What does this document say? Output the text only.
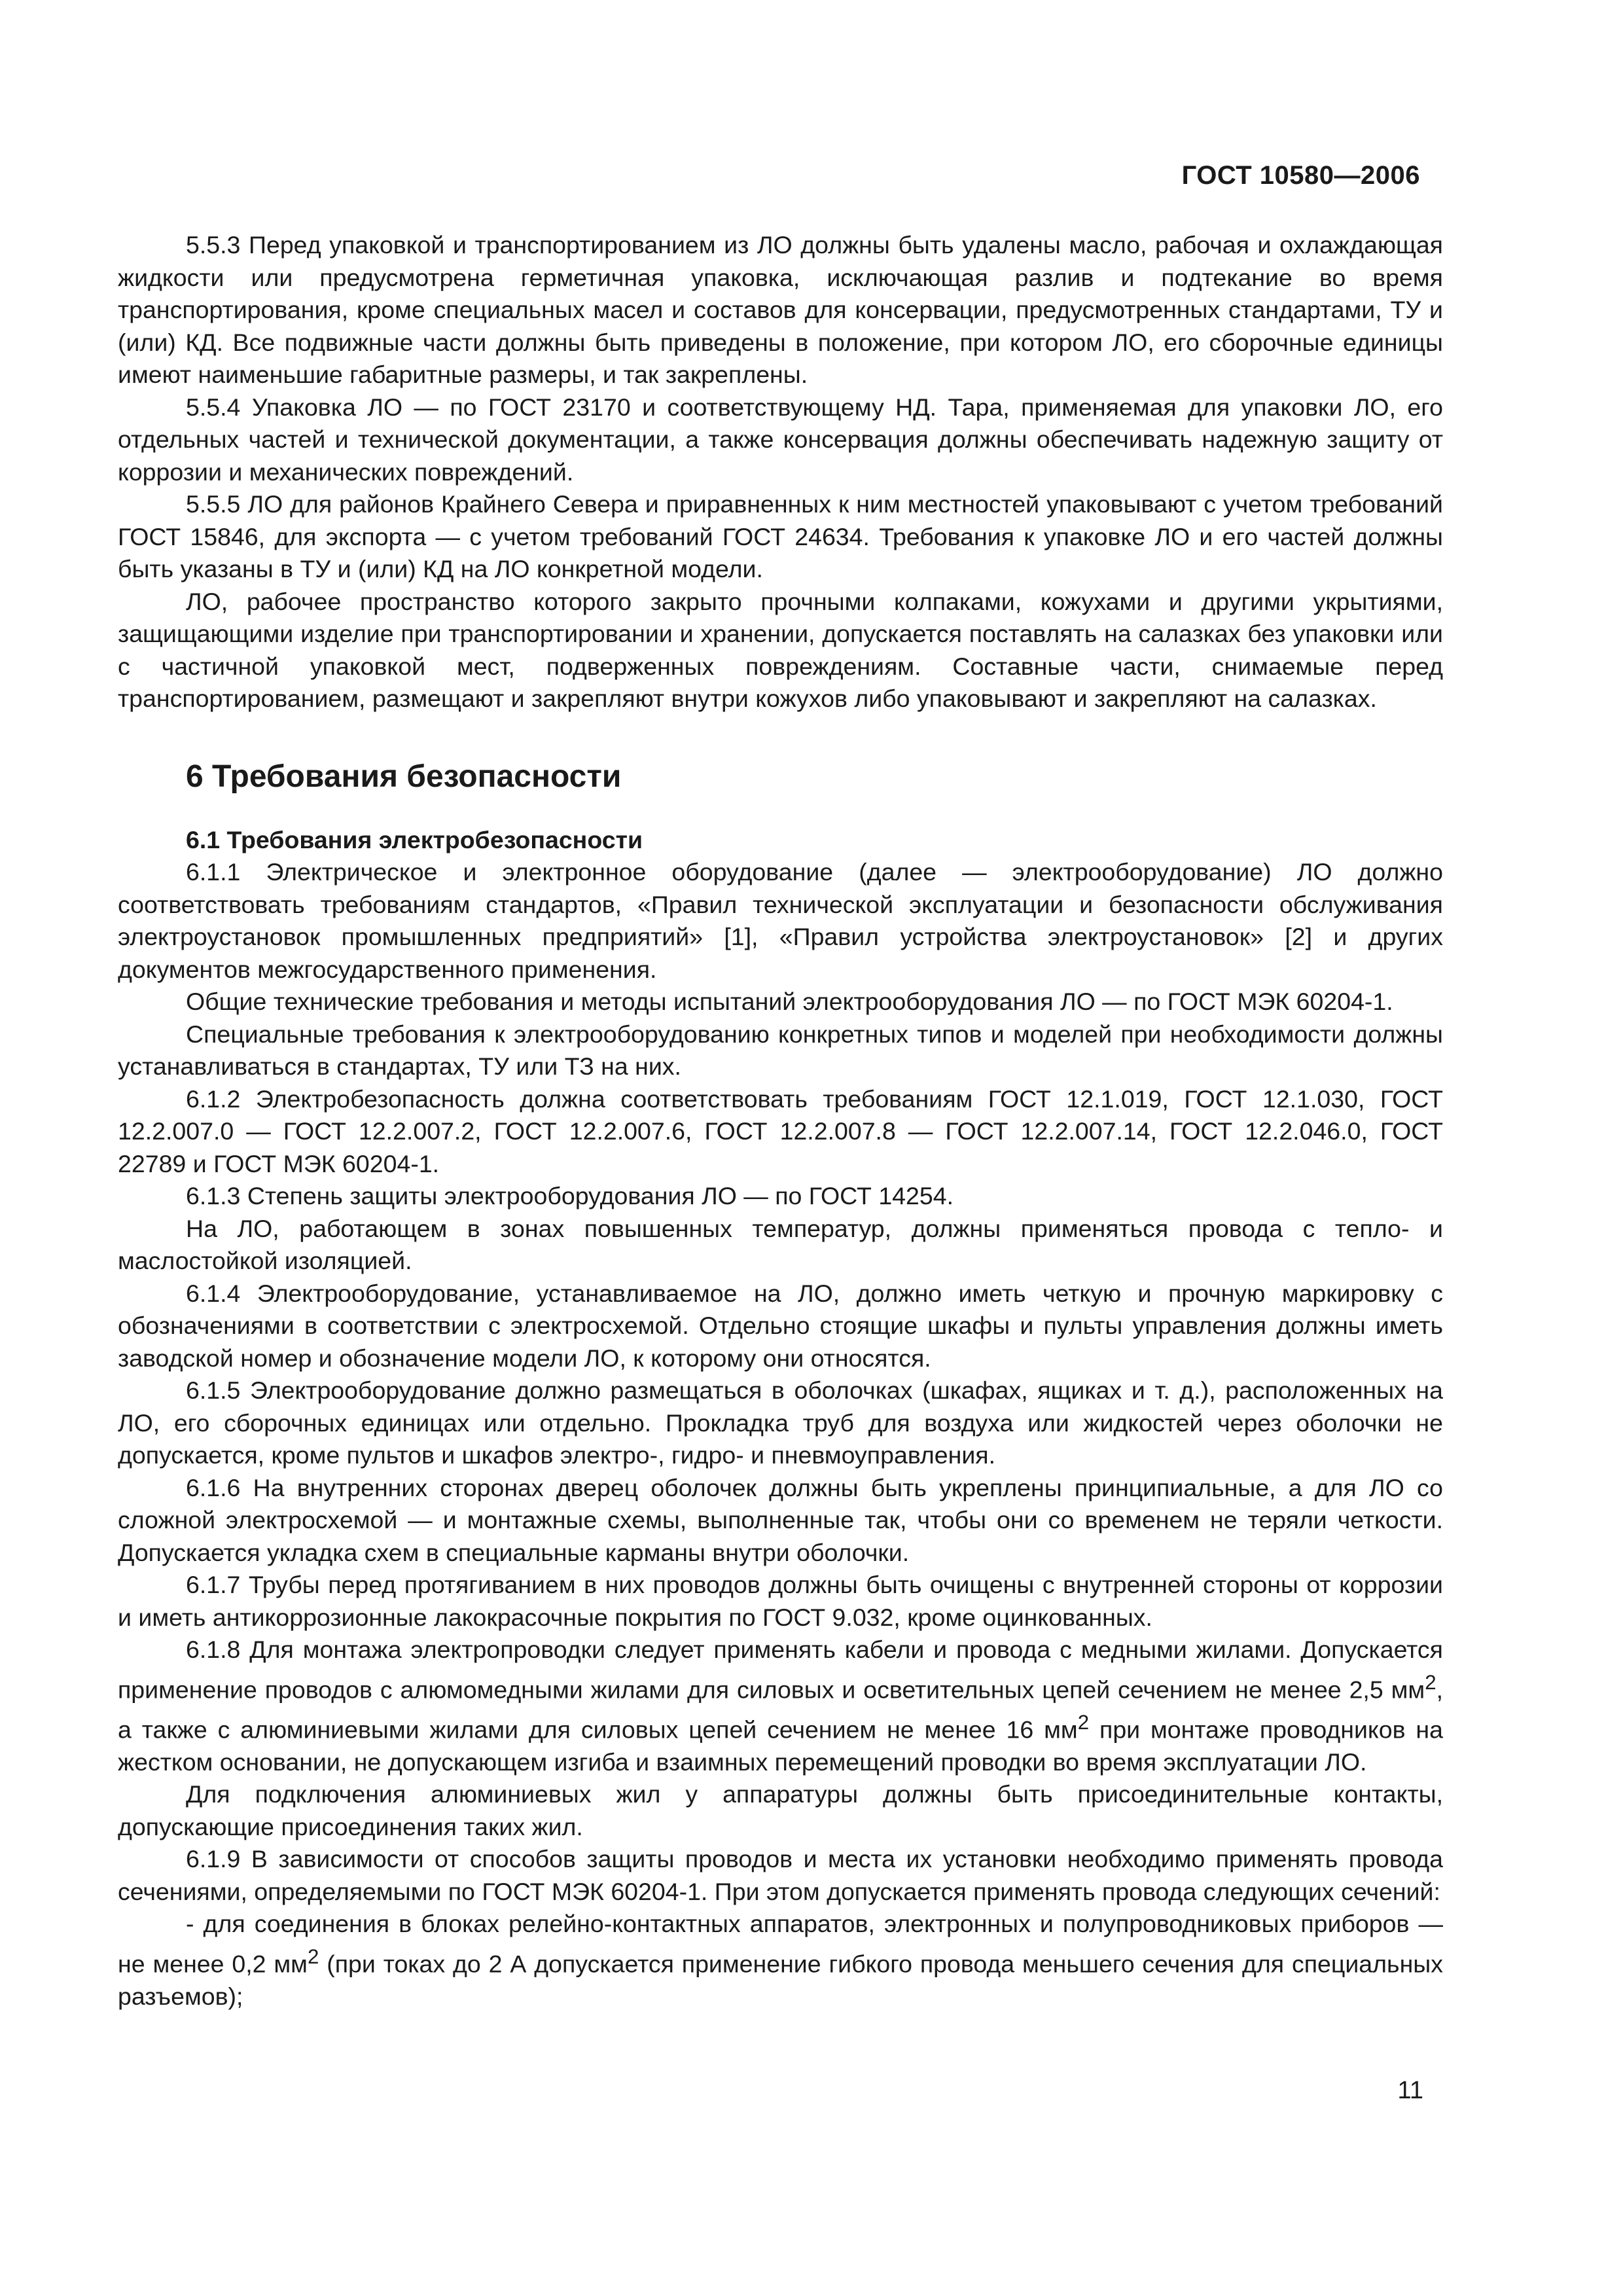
ГОСТ 10580—2006

5.5.3 Перед упаковкой и транспортированием из ЛО должны быть удалены масло, рабочая и охлаждающая жидкости или предусмотрена герметичная упаковка, исключающая разлив и подтекание во время транспортирования, кроме специальных масел и составов для консервации, предусмотренных стандартами, ТУ и (или) КД. Все подвижные части должны быть приведены в положение, при котором ЛО, его сборочные единицы имеют наименьшие габаритные размеры, и так закреплены.

5.5.4 Упаковка ЛО — по ГОСТ 23170 и соответствующему НД. Тара, применяемая для упаковки ЛО, его отдельных частей и технической документации, а также консервация должны обеспечивать надежную защиту от коррозии и механических повреждений.

5.5.5 ЛО для районов Крайнего Севера и приравненных к ним местностей упаковывают с учетом требований ГОСТ 15846, для экспорта — с учетом требований ГОСТ 24634. Требования к упаковке ЛО и его частей должны быть указаны в ТУ и (или) КД на ЛО конкретной модели.

ЛО, рабочее пространство которого закрыто прочными колпаками, кожухами и другими укрытиями, защищающими изделие при транспортировании и хранении, допускается поставлять на салазках без упаковки или с частичной упаковкой мест, подверженных повреждениям. Составные части, снимаемые перед транспортированием, размещают и закрепляют внутри кожухов либо упаковывают и закрепляют на салазках.

6 Требования безопасности
6.1 Требования электробезопасности

6.1.1 Электрическое и электронное оборудование (далее — электрооборудование) ЛО должно соответствовать требованиям стандартов, «Правил технической эксплуатации и безопасности обслуживания электроустановок промышленных предприятий» [1], «Правил устройства электроустановок» [2] и других документов межгосударственного применения.

Общие технические требования и методы испытаний электрооборудования ЛО — по ГОСТ МЭК 60204-1.

Специальные требования к электрооборудованию конкретных типов и моделей при необходимости должны устанавливаться в стандартах, ТУ или ТЗ на них.

6.1.2 Электробезопасность должна соответствовать требованиям ГОСТ 12.1.019, ГОСТ 12.1.030, ГОСТ 12.2.007.0 — ГОСТ 12.2.007.2, ГОСТ 12.2.007.6, ГОСТ 12.2.007.8 — ГОСТ 12.2.007.14, ГОСТ 12.2.046.0, ГОСТ 22789 и ГОСТ МЭК 60204-1.

6.1.3 Степень защиты электрооборудования ЛО — по ГОСТ 14254.

На ЛО, работающем в зонах повышенных температур, должны применяться провода с тепло- и маслостойкой изоляцией.

6.1.4 Электрооборудование, устанавливаемое на ЛО, должно иметь четкую и прочную маркировку с обозначениями в соответствии с электросхемой. Отдельно стоящие шкафы и пульты управления должны иметь заводской номер и обозначение модели ЛО, к которому они относятся.

6.1.5 Электрооборудование должно размещаться в оболочках (шкафах, ящиках и т. д.), расположенных на ЛО, его сборочных единицах или отдельно. Прокладка труб для воздуха или жидкостей через оболочки не допускается, кроме пультов и шкафов электро-, гидро- и пневмоуправления.

6.1.6 На внутренних сторонах дверец оболочек должны быть укреплены принципиальные, а для ЛО со сложной электросхемой — и монтажные схемы, выполненные так, чтобы они со временем не теряли четкости. Допускается укладка схем в специальные карманы внутри оболочки.

6.1.7 Трубы перед протягиванием в них проводов должны быть очищены с внутренней стороны от коррозии и иметь антикоррозионные лакокрасочные покрытия по ГОСТ 9.032, кроме оцинкованных.

6.1.8 Для монтажа электропроводки следует применять кабели и провода с медными жилами. Допускается применение проводов с алюмомедными жилами для силовых и осветительных цепей сечением не менее 2,5 $мм^2$, а также с алюминиевыми жилами для силовых цепей сечением не менее 16 $мм^2$ при монтаже проводников на жестком основании, не допускающем изгиба и взаимных перемещений проводки во время эксплуатации ЛО.

Для подключения алюминиевых жил у аппаратуры должны быть присоединительные контакты, допускающие присоединения таких жил.

6.1.9 В зависимости от способов защиты проводов и места их установки необходимо применять провода сечениями, определяемыми по ГОСТ МЭК 60204-1. При этом допускается применять провода следующих сечений:

- для соединения в блоках релейно-контактных аппаратов, электронных и полупроводниковых приборов — не менее 0,2 $мм^2$ (при токах до 2 А допускается применение гибкого провода меньшего сечения для специальных разъемов);

11
